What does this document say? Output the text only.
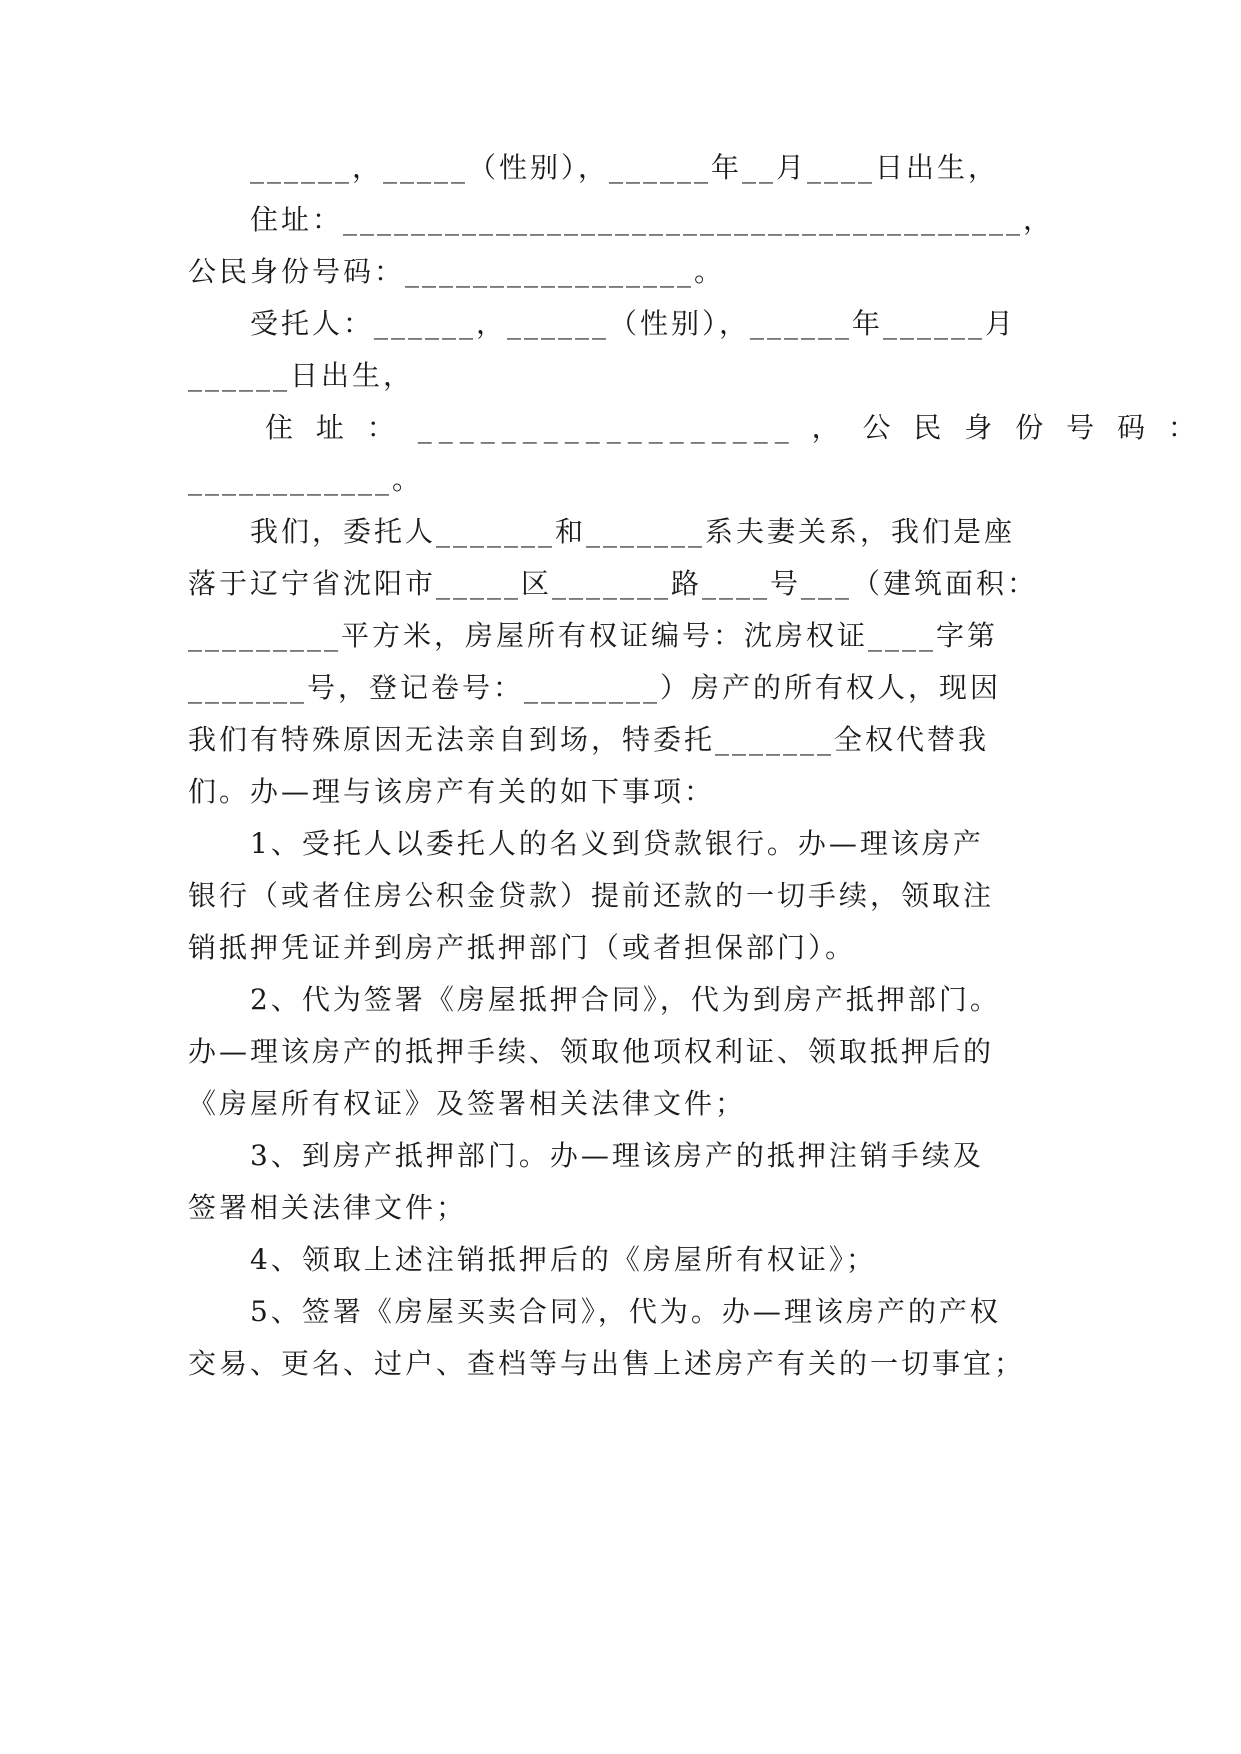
______，_____（性别），______年__月____日出生，
住址：________________________________________，
公民身份号码：_________________。
受托人：______，______（性别），______年______月
______日出生，
住 址 ： __________________ ， 公 民 身 份 号 码 ：
____________。
我们，委托人_______和_______系夫妻关系，我们是座
落于辽宁省沈阳市_____区_______路____号___（建筑面积：
_________平方米，房屋所有权证编号：沈房权证____字第
_______号，登记卷号：________）房产的所有权人，现因
我们有特殊原因无法亲自到场，特委托_______全权代替我
们。办—理与该房产有关的如下事项：
1、受托人以委托人的名义到贷款银行。办—理该房产
银行（或者住房公积金贷款）提前还款的一切手续，领取注
销抵押凭证并到房产抵押部门（或者担保部门）。
2、代为签署《房屋抵押合同》，代为到房产抵押部门。
办—理该房产的抵押手续、领取他项权利证、领取抵押后的
《房屋所有权证》及签署相关法律文件；
3、到房产抵押部门。办—理该房产的抵押注销手续及
签署相关法律文件；
4、领取上述注销抵押后的《房屋所有权证》；
5、签署《房屋买卖合同》，代为。办—理该房产的产权
交易、更名、过户、查档等与出售上述房产有关的一切事宜；
